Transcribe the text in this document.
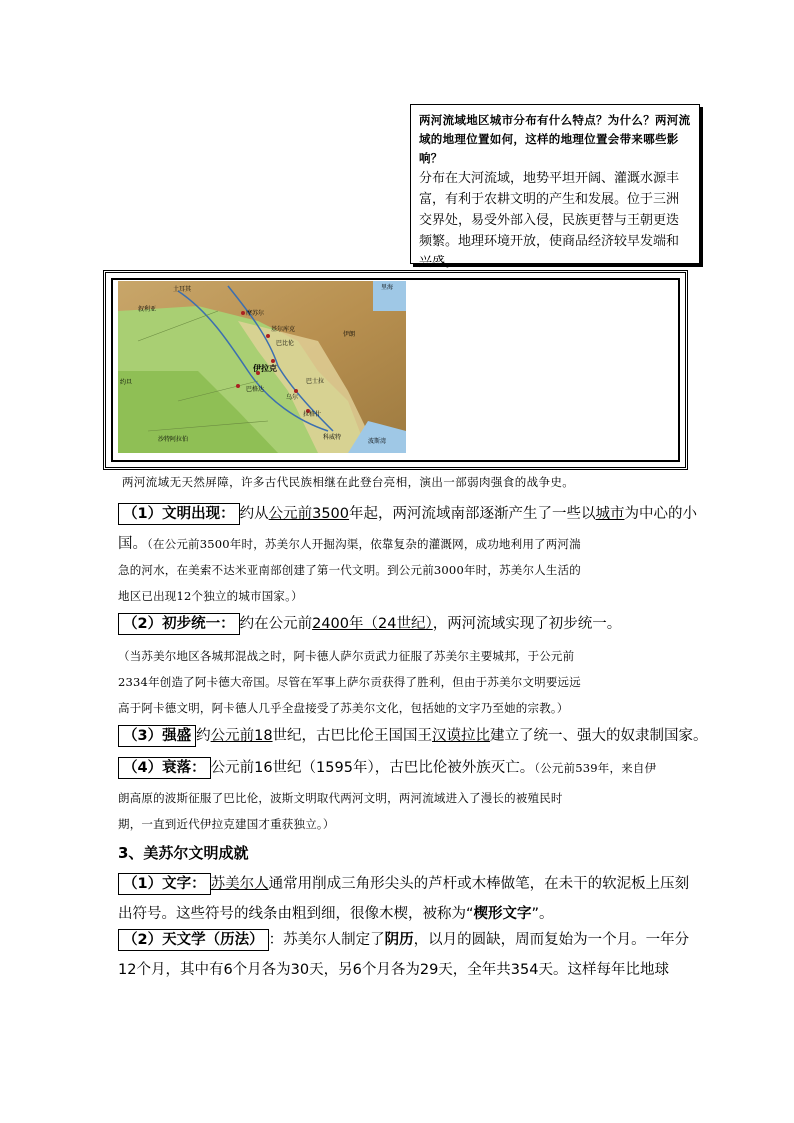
两河流域地区城市分布有什么特点？为什么？两河流域的地理位置如何，这样的地理位置会带来哪些影响？
分布在大河流域，地势平坦开阔、灌溉水源丰富，有利于农耕文明的产生和发展。位于三洲交界处，易受外部入侵，民族更替与王朝更迭频繁。地理环境开放，使商品经济较早发端和兴盛。
土耳其
叙利亚
约旦
沙特阿拉伯
伊朗
伊拉克
科威特
里海
波斯湾
摩苏尔
基尔库克
巴比伦
巴士拉
乌尔
巴格达
拉格什
两河流域无天然屏障，许多古代民族相继在此登台亮相，演出一部弱肉强食的战争史。
（1）文明出现： 约从公元前3500年起，两河流域南部逐渐产生了一些以城市为中心的小
国。（在公元前3500年时，苏美尔人开掘沟渠，依靠复杂的灌溉网，成功地利用了两河湍
急的河水，在美索不达米亚南部创建了第一代文明。到公元前3000年时，苏美尔人生活的
地区已出现12个独立的城市国家。）
（2）初步统一： 约在公元前2400年（24世纪），两河流域实现了初步统一。
（当苏美尔地区各城邦混战之时，阿卡德人萨尔贡武力征服了苏美尔主要城邦，于公元前
2334年创造了阿卡德大帝国。尽管在军事上萨尔贡获得了胜利，但由于苏美尔文明要远远
高于阿卡德文明，阿卡德人几乎全盘接受了苏美尔文化，包括她的文字乃至她的宗教。）
（3）强盛 约公元前18世纪，古巴比伦王国国王汉谟拉比建立了统一、强大的奴隶制国家。
（4）衰落： 公元前16世纪（1595年），古巴比伦被外族灭亡。（公元前539年，来自伊
朗高原的波斯征服了巴比伦，波斯文明取代两河文明，两河流域进入了漫长的被殖民时
期，一直到近代伊拉克建国才重获独立。）
3、美苏尔文明成就
（1）文字： 苏美尔人通常用削成三角形尖头的芦杆或木棒做笔，在未干的软泥板上压刻
出符号。这些符号的线条由粗到细，很像木楔，被称为“楔形文字”。
（2）天文学（历法） ：苏美尔人制定了阴历，以月的圆缺，周而复始为一个月。一年分
12个月，其中有6个月各为30天，另6个月各为29天，全年共354天。这样每年比地球
